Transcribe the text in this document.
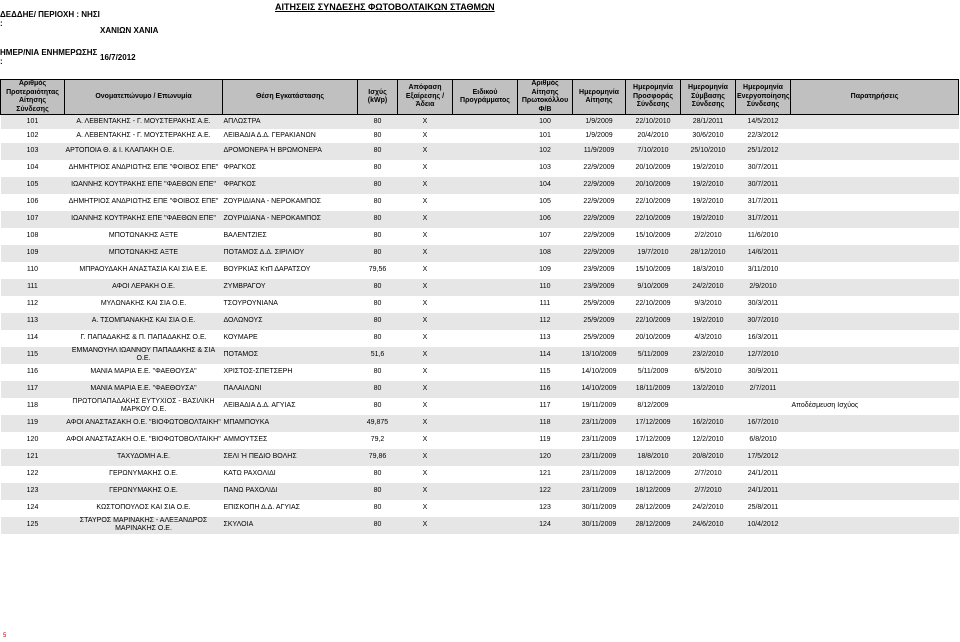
ΔΕΔΔΗΕ/ ΠΕΡΙΟΧΗ : ΝΗΣΙ :
ΧΑΝΙΩΝ ΧΑΝΙΑ
ΗΜΕΡ/ΝΙΑ ΕΝΗΜΕΡΩΣΗΣ :	16/7/2012
ΑΙΤΗΣΕΙΣ ΣΥΝΔΕΣΗΣ ΦΩΤΟΒΟΛΤΑΙΚΩΝ ΣΤΑΘΜΩΝ
Αριθμός Προτεραιότητας Αίτησης Σύνδεσης	Ονοματεπώνυμο / Επωνυμία	Θέση Εγκατάστασης	Ισχύς (kWp)	Απόφαση Εξαίρεσης / Άδεια	Ειδικού Προγράμματος	Αριθμός Αίτησης Πρωτοκόλλου Φ/Β	Ημερομηνία Αίτησης	Ημερομηνία Προσφοράς Σύνδεσης	Ημερομηνία Σύμβασης Σύνδεσης	Ημερομηνία Ενεργοποίησης Σύνδεσης	Παρατηρήσεις
101	Α. ΛΕΒΕΝΤΑΚΗΣ - Γ. ΜΟΥΣΤΕΡΑΚΗΣ Α.Ε.	ΑΠΛΩΣΤΡΑ	80	X		100	1/9/2009	22/10/2010	28/1/2011	14/5/2012	
102	Α. ΛΕΒΕΝΤΑΚΗΣ - Γ. ΜΟΥΣΤΕΡΑΚΗΣ Α.Ε.	ΛΕΙΒΑΔΙΑ Δ.Δ. ΓΕΡΑΚΙΑΝΩΝ	80	X		101	1/9/2009	20/4/2010	30/6/2010	22/3/2012	
103	ΑΡΤΟΠΟΙΑ Θ. & Ι. ΚΛΑΠΑΚΗ Ο.Ε.	ΔΡΟΜΟΝΕΡΑ Ή ΒΡΩΜΟΝΕΡΑ	80	X		102	11/9/2009	7/10/2010	25/10/2010	25/1/2012	
104	ΔΗΜΗΤΡΙΟΣ ΑΝΔΡΙΩΤΗΣ ΕΠΕ "ΦΟΙΒΟΣ ΕΠΕ"	ΦΡΑΓΚΟΣ	80	X		103	22/9/2009	20/10/2009	19/2/2010	30/7/2011	
105	ΙΩΑΝΝΗΣ ΚΟΥΤΡΑΚΗΣ ΕΠΕ "ΦΑΕΘΩΝ ΕΠΕ"	ΦΡΑΓΚΟΣ	80	X		104	22/9/2009	20/10/2009	19/2/2010	30/7/2011	
106	ΔΗΜΗΤΡΙΟΣ ΑΝΔΡΙΩΤΗΣ ΕΠΕ "ΦΟΙΒΟΣ ΕΠΕ"	ΖΟΥΡΙΔΙΑΝΑ - ΝΕΡΟΚΑΜΠΟΣ	80	X		105	22/9/2009	22/10/2009	19/2/2010	31/7/2011	
107	ΙΩΑΝΝΗΣ ΚΟΥΤΡΑΚΗΣ ΕΠΕ "ΦΑΕΘΩΝ ΕΠΕ"	ΖΟΥΡΙΔΙΑΝΑ - ΝΕΡΟΚΑΜΠΟΣ	80	X		106	22/9/2009	22/10/2009	19/2/2010	31/7/2011	
108	ΜΠΟΤΩΝΑΚΗΣ ΑΞΤΕ	ΒΑΛΕΝΤΖΙΕΣ	80	X		107	22/9/2009	15/10/2009	2/2/2010	11/6/2010	
109	ΜΠΟΤΩΝΑΚΗΣ ΑΞΤΕ	ΠΟΤΑΜΟΣ Δ.Δ. ΣΙΡΙΛΙΟΥ	80	X		108	22/9/2009	19/7/2010	28/12/2010	14/6/2011	
110	ΜΠΡΑΟΥΔΑΚΗ ΑΝΑΣΤΑΣΙΑ ΚΑΙ ΣΙΑ Ε.Ε.	ΒΟΥΡΚΙΑΣ ΚτΠ ΔΑΡΑΤΣΟΥ	79,56	X		109	23/9/2009	15/10/2009	18/3/2010	3/11/2010	
111	ΑΦΟΙ ΛΕΡΑΚΗ Ο.Ε.	ΖΥΜΒΡΑΓΟΥ	80	X		110	23/9/2009	9/10/2009	24/2/2010	2/9/2010	
112	ΜΥΛΩΝΑΚΗΣ ΚΑΙ ΣΙΑ Ο.Ε.	ΤΣΟΥΡΟΥΝΙΑΝΑ	80	X		111	25/9/2009	22/10/2009	9/3/2010	30/3/2011	
113	Α. ΤΣΟΜΠΑΝΑΚΗΣ ΚΑΙ ΣΙΑ Ο.Ε.	ΔΟΛΩΝΟΥΣ	80	X		112	25/9/2009	22/10/2009	19/2/2010	30/7/2010	
114	Γ. ΠΑΠΑΔΑΚΗΣ & Π. ΠΑΠΑΔΑΚΗΣ Ο.Ε.	ΚΟΥΜΑΡΕ	80	X		113	25/9/2009	20/10/2009	4/3/2010	16/3/2011	
115	ΕΜΜΑΝΟΥΗΛ ΙΩΑΝΝΟΥ ΠΑΠΑΔΑΚΗΣ & ΣΙΑ Ο.Ε.	ΠΟΤΑΜΟΣ	51,6	X		114	13/10/2009	5/11/2009	23/2/2010	12/7/2010	
116	ΜΑΝΙΑ ΜΑΡΙΑ Ε.Ε. "ΦΑΕΘΟΥΣΑ"	ΧΡΙΣΤΟΣ-ΣΠΕΤΣΕΡΗ	80	X		115	14/10/2009	5/11/2009	6/5/2010	30/9/2011	
117	ΜΑΝΙΑ ΜΑΡΙΑ Ε.Ε. "ΦΑΕΘΟΥΣΑ"	ΠΑΛΑΙΛΩΝΙ	80	X		116	14/10/2009	18/11/2009	13/2/2010	2/7/2011	
118	ΠΡΩΤΟΠΑΠΑΔΑΚΗΣ ΕΥΤΥΧΙΟΣ - ΒΑΣΙΛΙΚΗ ΜΑΡΚΟΥ Ο.Ε.	ΛΕΙΒΑΔΙΑ Δ.Δ. ΑΓΥΙΑΣ	80	X		117	19/11/2009	8/12/2009			Αποδέσμευση Ισχύος
119	ΑΦΟΙ ΑΝΑΣΤΑΣΑΚΗ Ο.Ε. "ΒΙΟΦΩΤΟΒΟΛΤΑΙΚΗ"	ΜΠΑΜΠΟΥΚΑ	49,875	X		118	23/11/2009	17/12/2009	16/2/2010	16/7/2010	
120	ΑΦΟΙ ΑΝΑΣΤΑΣΑΚΗ Ο.Ε. "ΒΙΟΦΩΤΟΒΟΛΤΑΙΚΗ"	ΑΜΜΟΥΤΣΕΣ	79,2	X		119	23/11/2009	17/12/2009	12/2/2010	6/8/2010	
121	ΤΑΧΥΔΟΜΗ Α.Ε.	ΣΕΛΙ Ή ΠΕΔΙΟ ΒΟΛΗΣ	79,86	X		120	23/11/2009	18/8/2010	20/8/2010	17/5/2012	
122	ΓΕΡΩΝΥΜΑΚΗΣ Ο.Ε.	ΚΑΤΩ ΡΑΧΟΛΙΔΙ	80	X		121	23/11/2009	18/12/2009	2/7/2010	24/1/2011	
123	ΓΕΡΩΝΥΜΑΚΗΣ Ο.Ε.	ΠΑΝΩ ΡΑΧΟΛΙΔΙ	80	X		122	23/11/2009	18/12/2009	2/7/2010	24/1/2011	
124	ΚΩΣΤΟΠΟΥΛΟΣ ΚΑΙ ΣΙΑ Ο.Ε.	ΕΠΙΣΚΟΠΗ Δ.Δ. ΑΓΥΙΑΣ	80	X		123	30/11/2009	28/12/2009	24/2/2010	25/8/2011	
125	ΣΤΑΥΡΟΣ ΜΑΡΙΝΑΚΗΣ - ΑΛΕΞΑΝΔΡΟΣ ΜΑΡΙΝΑΚΗΣ Ο.Ε.	ΣΚΥΛΟΙΑ	80	X		124	30/11/2009	28/12/2009	24/6/2010	10/4/2012	
5
